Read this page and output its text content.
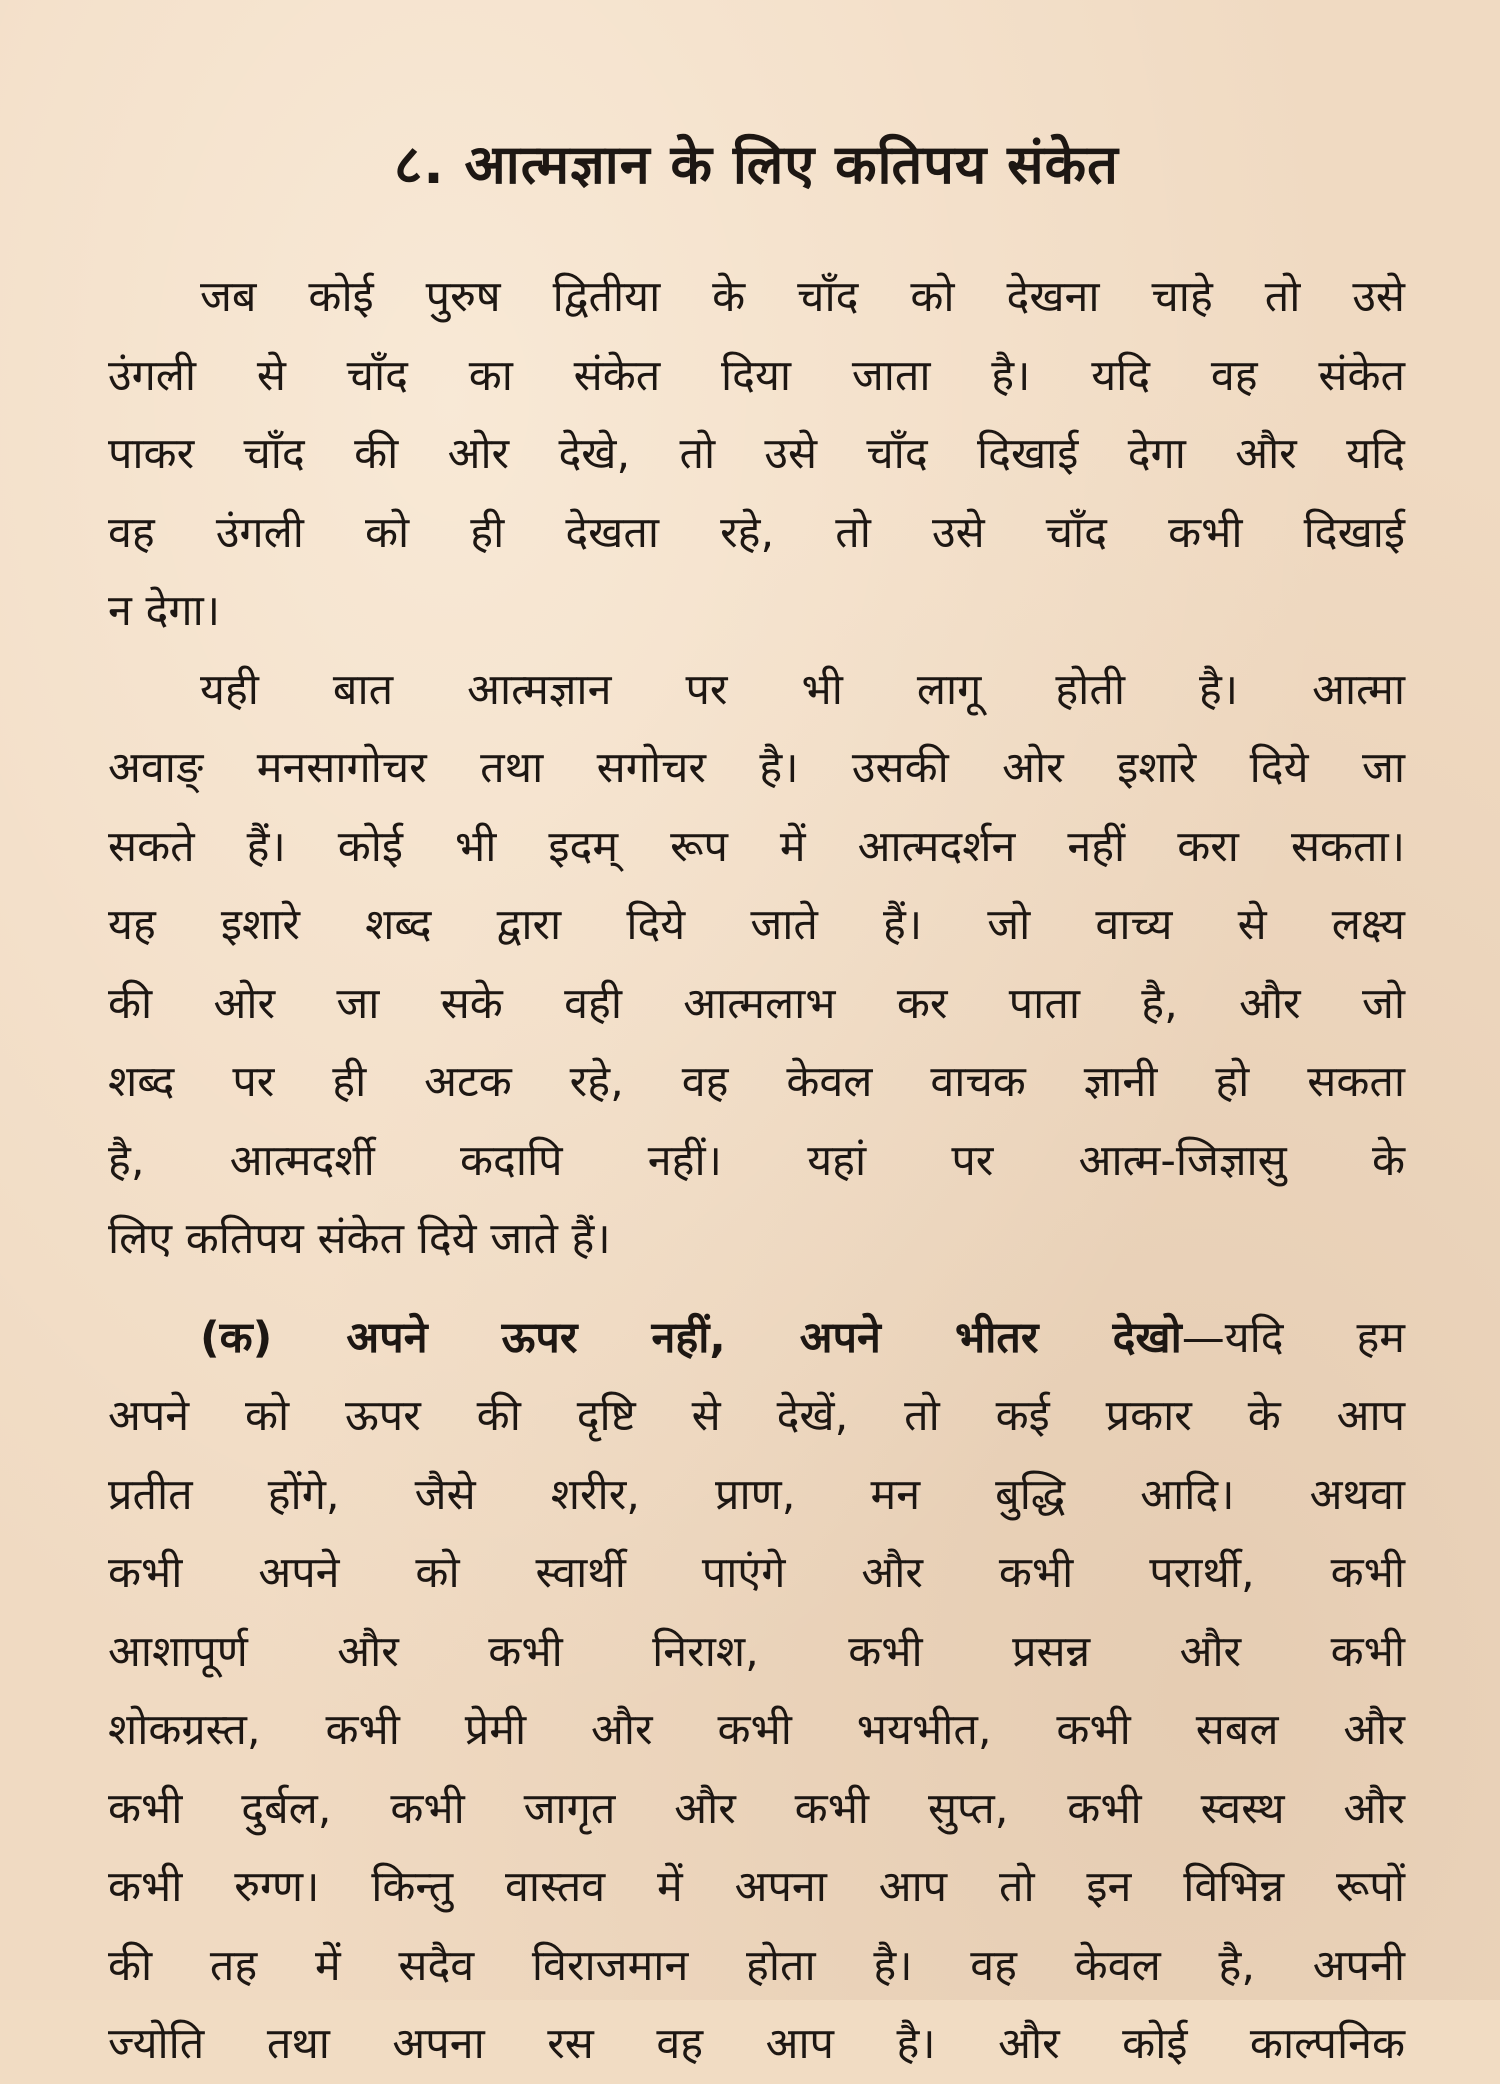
८. आत्मज्ञान के लिए कतिपय संकेत
जब कोई पुरुष द्वितीया के चाँद को देखना चाहे तो उसे
उंगली से चाँद का संकेत दिया जाता है। यदि वह संकेत
पाकर चाँद की ओर देखे, तो उसे चाँद दिखाई देगा और यदि
वह उंगली को ही देखता रहे, तो उसे चाँद कभी दिखाई
न देगा।
यही बात आत्मज्ञान पर भी लागू होती है। आत्मा
अवाङ् मनसागोचर तथा सगोचर है। उसकी ओर इशारे दिये जा
सकते हैं। कोई भी इदम् रूप में आत्मदर्शन नहीं करा सकता।
यह इशारे शब्द द्वारा दिये जाते हैं। जो वाच्य से लक्ष्य
की ओर जा सके वही आत्मलाभ कर पाता है, और जो
शब्द पर ही अटक रहे, वह केवल वाचक ज्ञानी हो सकता
है, आत्मदर्शी कदापि नहीं। यहां पर आत्म-जिज्ञासु के
लिए कतिपय संकेत दिये जाते हैं।
(क) अपने ऊपर नहीं, अपने भीतर देखो—यदि हम
अपने को ऊपर की दृष्टि से देखें, तो कई प्रकार के आप
प्रतीत होंगे, जैसे शरीर, प्राण, मन बुद्धि आदि। अथवा
कभी अपने को स्वार्थी पाएंगे और कभी परार्थी, कभी
आशापूर्ण और कभी निराश, कभी प्रसन्न और कभी
शोकग्रस्त, कभी प्रेमी और कभी भयभीत, कभी सबल और
कभी दुर्बल, कभी जागृत और कभी सुप्त, कभी स्वस्थ और
कभी रुग्ण। किन्तु वास्तव में अपना आप तो इन विभिन्न रूपों
की तह में सदैव विराजमान होता है। वह केवल है, अपनी
ज्योति तथा अपना रस वह आप है। और कोई काल्पनिक
